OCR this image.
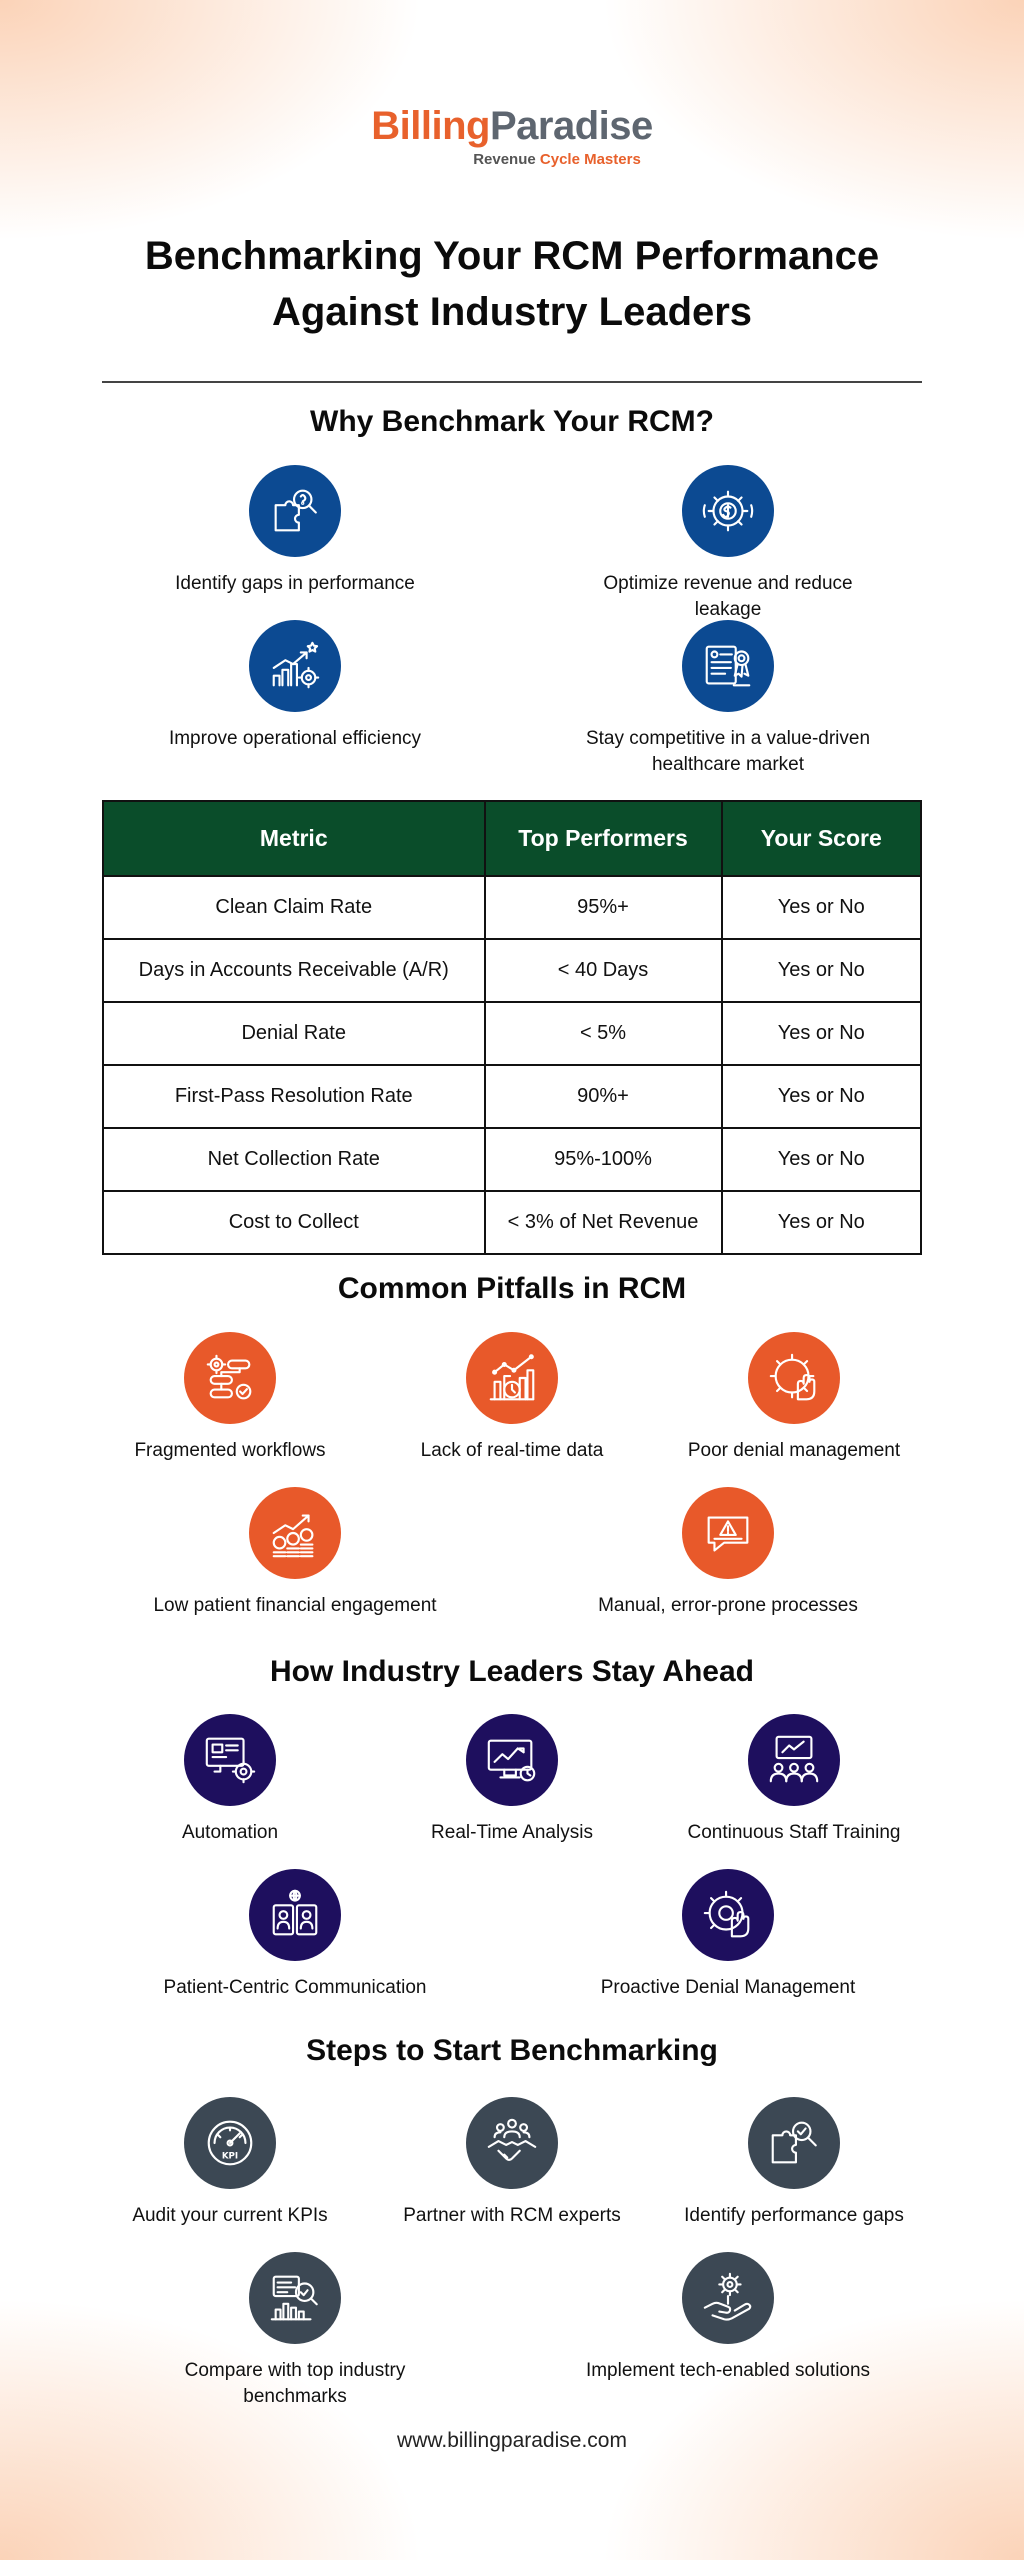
BillingParadise
Revenue Cycle Masters
Benchmarking Your RCM Performance
Against Industry Leaders
Why Benchmark Your RCM?
Identify gaps in performance	Optimize revenue and reduce leakage
Improve operational efficiency	Stay competitive in a value-driven healthcare market
Metric	Top Performers	Your Score
Clean Claim Rate	95%+	Yes or No
Days in Accounts Receivable (A/R)	< 40 Days	Yes or No
Denial Rate	< 5%	Yes or No
First-Pass Resolution Rate	90%+	Yes or No
Net Collection Rate	95%-100%	Yes or No
Cost to Collect	< 3% of Net Revenue	Yes or No
Common Pitfalls in RCM
Fragmented workflows	Lack of real-time data	Poor denial management
Low patient financial engagement	Manual, error-prone processes
How Industry Leaders Stay Ahead
Automation	Real-Time Analysis	Continuous Staff Training
Patient-Centric Communication	Proactive Denial Management
Steps to Start Benchmarking
KPI
Audit your current KPIs	Partner with RCM experts	Identify performance gaps
Compare with top industry benchmarks
Implement tech-enabled solutions
www.billingparadise.com
